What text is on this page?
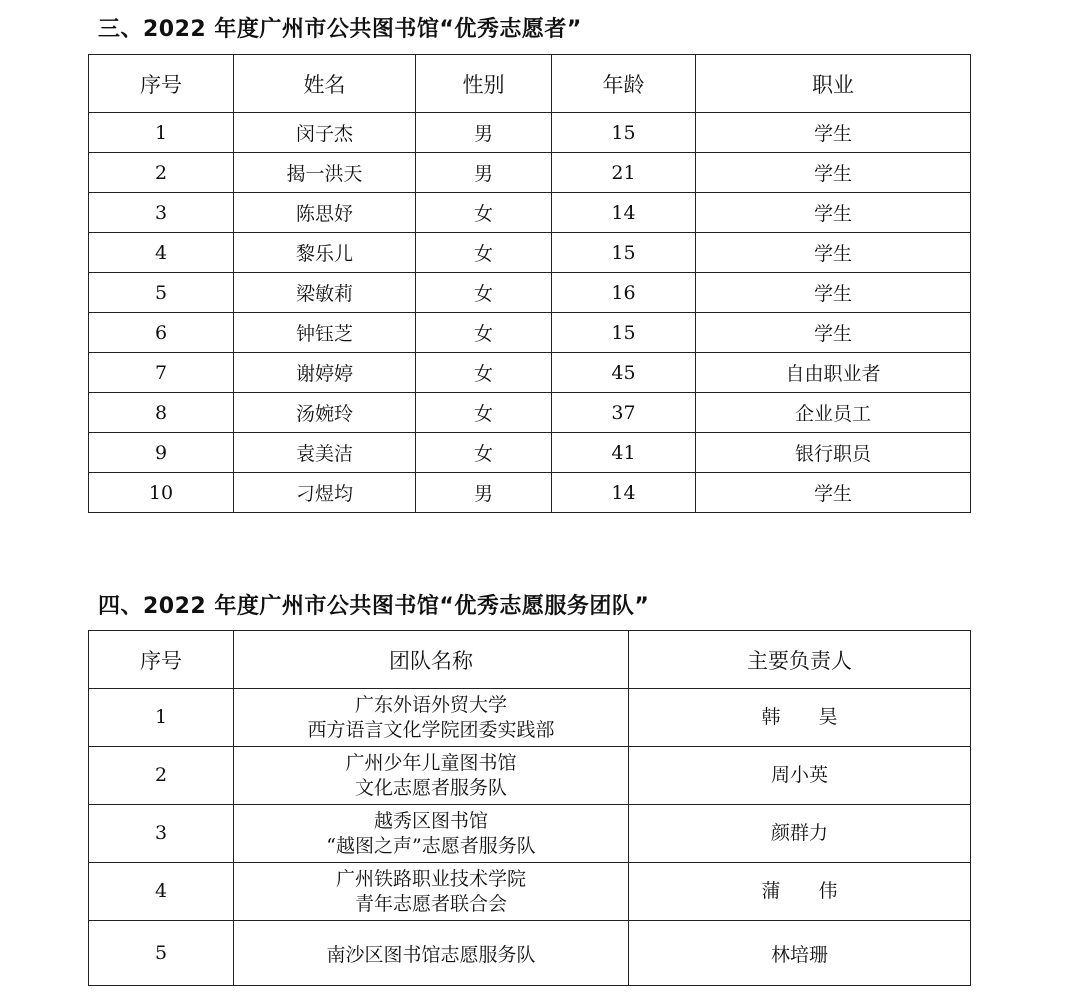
三、2022 年度广州市公共图书馆“优秀志愿者”
序号	姓名	性别	年龄	职业
1	闵子杰	男	15	学生
2	揭一洪天	男	21	学生
3	陈思妤	女	14	学生
4	黎乐儿	女	15	学生
5	梁敏莉	女	16	学生
6	钟钰芝	女	15	学生
7	谢婷婷	女	45	自由职业者
8	汤婉玲	女	37	企业员工
9	袁美洁	女	41	银行职员
10	刁煜均	男	14	学生
四、2022 年度广州市公共图书馆“优秀志愿服务团队”
序号	团队名称	主要负责人
1	广东外语外贸大学
西方语言文化学院团委实践部	韩　　昊
2	广州少年儿童图书馆
文化志愿者服务队	周小英
3	越秀区图书馆
“越图之声”志愿者服务队	颜群力
4	广州铁路职业技术学院
青年志愿者联合会	蒲　　伟
5	南沙区图书馆志愿服务队	林培珊
